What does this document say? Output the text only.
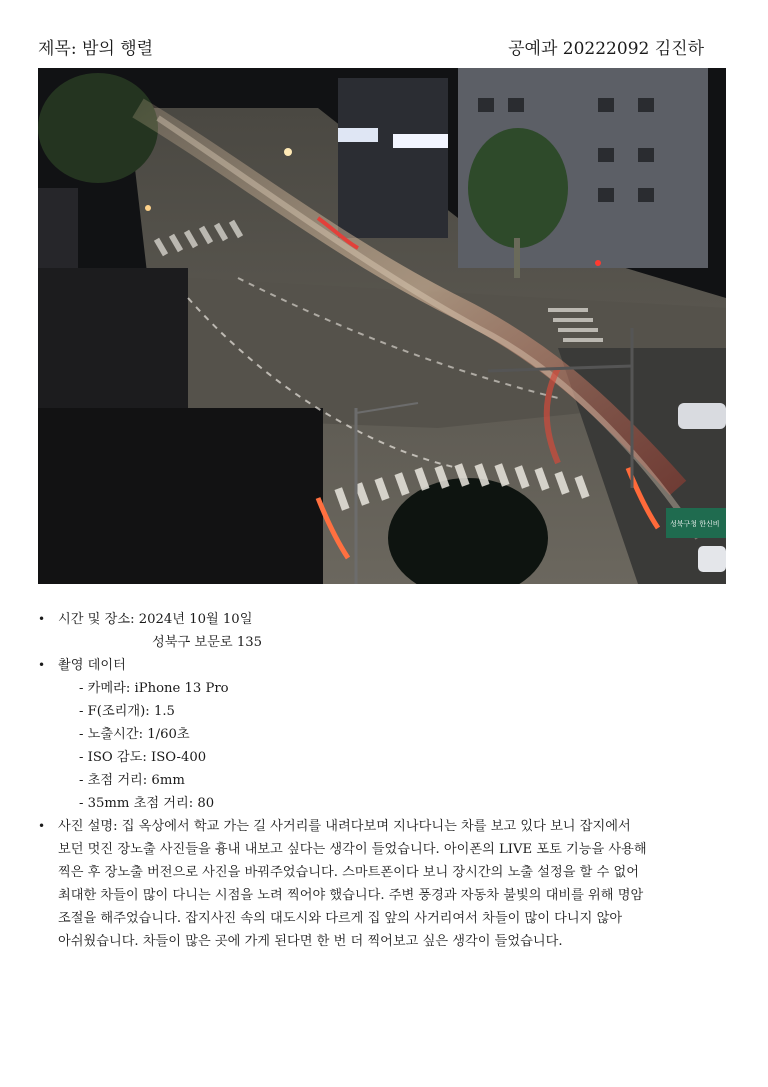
제목: 밤의 행렬	공예과 20222092 김진하
성북구청 한신비
• 시간 및 장소: 2024년 10월 10일
성북구 보문로 135
• 촬영 데이터
- 카메라: iPhone 13 Pro
- F(조리개): 1.5
- 노출시간: 1/60초
- ISO 감도: ISO-400
- 초점 거리: 6mm
- 35mm 초점 거리: 80
• 사진 설명: 집 옥상에서 학교 가는 길 사거리를 내려다보며 지나다니는 차를 보고 있다 보니 잡지에서
보던 멋진 장노출 사진들을 흉내 내보고 싶다는 생각이 들었습니다. 아이폰의 LIVE 포토 기능을 사용해
찍은 후 장노출 버전으로 사진을 바꿔주었습니다. 스마트폰이다 보니 장시간의 노출 설정을 할 수 없어
최대한 차들이 많이 다니는 시점을 노려 찍어야 했습니다. 주변 풍경과 자동차 불빛의 대비를 위해 명암
조절을 해주었습니다. 잡지사진 속의 대도시와 다르게 집 앞의 사거리여서 차들이 많이 다니지 않아
아쉬웠습니다. 차들이 많은 곳에 가게 된다면 한 번 더 찍어보고 싶은 생각이 들었습니다.
